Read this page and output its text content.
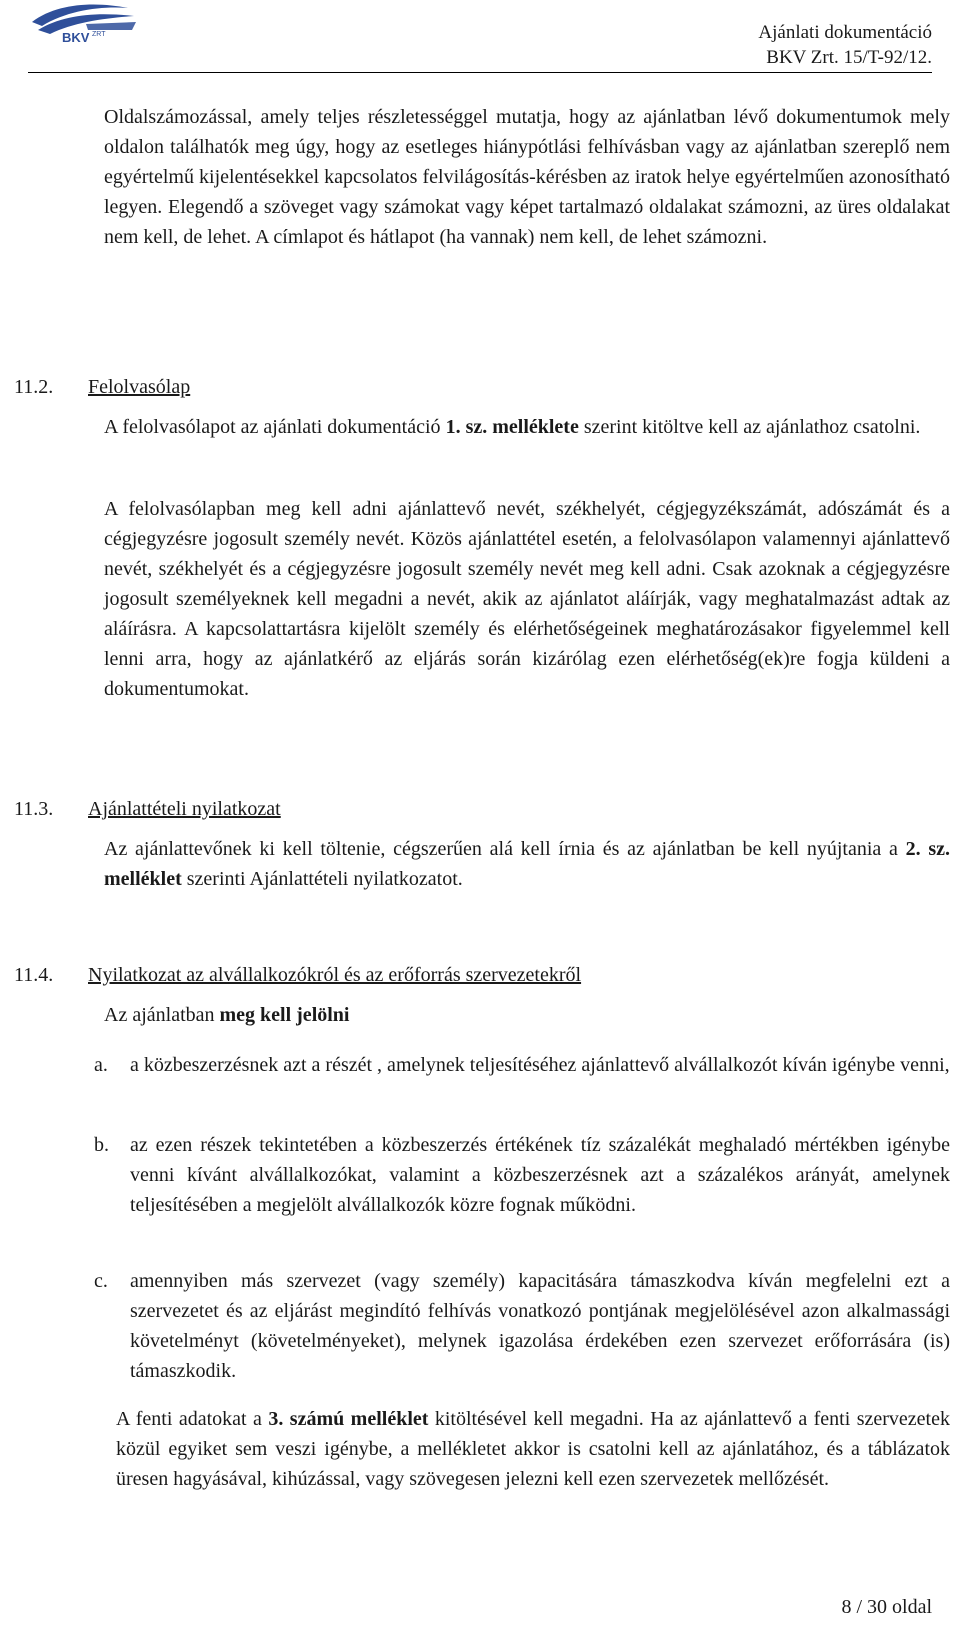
BKV ZRT	Ajánlati dokumentáció
BKV Zrt. 15/T-92/12.

Oldalszámozással, amely teljes részletességgel mutatja, hogy az ajánlatban lévő dokumentumok mely oldalon találhatók meg úgy, hogy az esetleges hiánypótlási felhívásban vagy az ajánlatban szereplő nem egyértelmű kijelentésekkel kapcsolatos felvilágosítás-kérésben az iratok helye egyértelműen azonosítható legyen. Elegendő a szöveget vagy számokat vagy képet tartalmazó oldalakat számozni, az üres oldalakat nem kell, de lehet. A címlapot és hátlapot (ha vannak) nem kell, de lehet számozni.

11.2. Felolvasólap

A felolvasólapot az ajánlati dokumentáció 1. sz. melléklete szerint kitöltve kell az ajánlathoz csatolni.

A felolvasólapban meg kell adni ajánlattevő nevét, székhelyét, cégjegyzékszámát, adószámát és a cégjegyzésre jogosult személy nevét. Közös ajánlattétel esetén, a felolvasólapon valamennyi ajánlattevő nevét, székhelyét és a cégjegyzésre jogosult személy nevét meg kell adni. Csak azoknak a cégjegyzésre jogosult személyeknek kell megadni a nevét, akik az ajánlatot aláírják, vagy meghatalmazást adtak az aláírásra. A kapcsolattartásra kijelölt személy és elérhetőségeinek meghatározásakor figyelemmel kell lenni arra, hogy az ajánlatkérő az eljárás során kizárólag ezen elérhetőség(ek)re fogja küldeni a dokumentumokat.

11.3. Ajánlattételi nyilatkozat

Az ajánlattevőnek ki kell töltenie, cégszerűen alá kell írnia és az ajánlatban be kell nyújtania a 2. sz. melléklet szerinti Ajánlattételi nyilatkozatot.

11.4. Nyilatkozat az alvállalkozókról és az erőforrás szervezetekről

Az ajánlatban meg kell jelölni

a. a közbeszerzésnek azt a részét , amelynek teljesítéséhez ajánlattevő alvállalkozót kíván igénybe venni,
b. az ezen részek tekintetében a közbeszerzés értékének tíz százalékát meghaladó mértékben igénybe venni kívánt alvállalkozókat, valamint a közbeszerzésnek azt a százalékos arányát, amelynek teljesítésében a megjelölt alvállalkozók közre fognak működni.
c. amennyiben más szervezet (vagy személy) kapacitására támaszkodva kíván megfelelni ezt a szervezetet és az eljárást megindító felhívás vonatkozó pontjának megjelölésével azon alkalmassági követelményt (követelményeket), melynek igazolása érdekében ezen szervezet erőforrására (is) támaszkodik.

A fenti adatokat a 3. számú melléklet kitöltésével kell megadni. Ha az ajánlattevő a fenti szervezetek közül egyiket sem veszi igénybe, a mellékletet akkor is csatolni kell az ajánlatához, és a táblázatok üresen hagyásával, kihúzással, vagy szövegesen jelezni kell ezen szervezetek mellőzését.

8 / 30 oldal
